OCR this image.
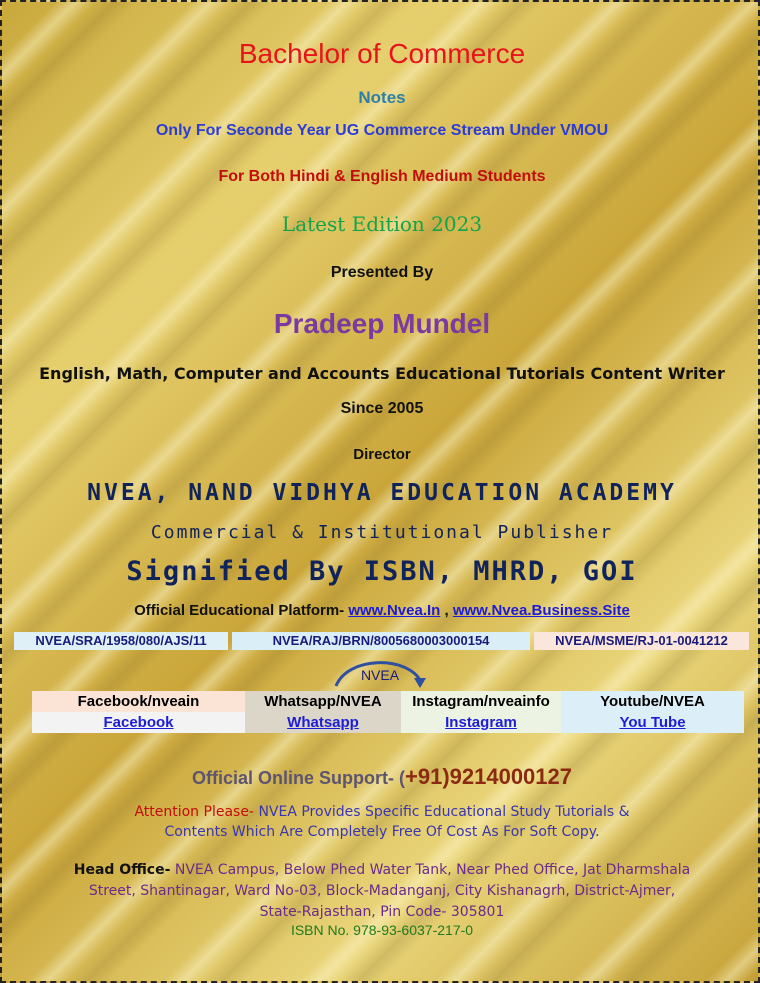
Bachelor of Commerce
Notes
Only For Seconde Year UG Commerce Stream Under VMOU
For Both Hindi & English Medium Students
Latest Edition 2023
Presented By
Pradeep Mundel
English, Math, Computer and Accounts Educational Tutorials Content Writer
Since 2005
Director
NVEA, NAND VIDHYA EDUCATION ACADEMY
Commercial & Institutional Publisher
Signified By ISBN, MHRD, GOI
Official Educational Platform- www.Nvea.In , www.Nvea.Business.Site
NVEA/SRA/1958/080/AJS/11	NVEA/RAJ/BRN/8005680003000154	NVEA/MSME/RJ-01-0041212
NVEA
Facebook/nveain	Whatsapp/NVEA	Instagram/nveainfo	Youtube/NVEA
Facebook	Whatsapp	Instagram	You Tube
Official Online Support- (+91)9214000127
Attention Please- NVEA Provides Specific Educational Study Tutorials &
Contents Which Are Completely Free Of Cost As For Soft Copy.
Head Office- NVEA Campus, Below Phed Water Tank, Near Phed Office, Jat Dharmshala
Street, Shantinagar, Ward No-03, Block-Madanganj, City Kishanagrh, District-Ajmer,
State-Rajasthan, Pin Code- 305801
ISBN No. 978-93-6037-217-0
